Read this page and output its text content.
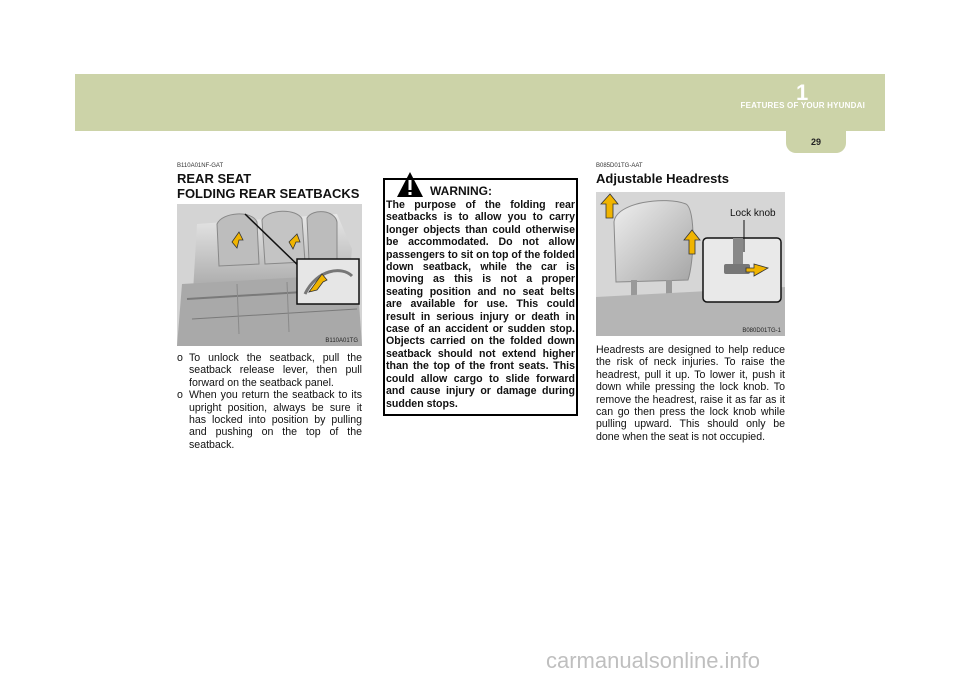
FEATURES OF YOUR HYUNDAI
1
29
B110A01NF-GAT
REAR SEAT
FOLDING REAR SEATBACKS
B110A01TG
o To unlock the seatback, pull the seatback release lever, then pull forward on the seatback panel.
o When you return the seatback to its upright position, always be sure it has locked into position by pulling and pushing on the top of the seatback.
WARNING:
The purpose of the folding rear seatbacks is to allow you to carry longer objects than could otherwise be accommodated. Do not allow passengers to sit on top of the folded down seatback, while the car is moving as this is not a proper seating position and no seat belts are available for use. This could result in serious injury or death in case of an accident or sudden stop. Objects carried on the folded down seatback should not extend higher than the top of the front seats. This could allow cargo to slide forward and cause injury or damage during sudden stops.
B085D01TG-AAT
Adjustable Headrests
Lock knob
B080D01TG-1
Headrests are designed to help reduce the risk of neck injuries. To raise the headrest, pull it up. To lower it, push it down while pressing the lock knob. To remove the headrest, raise it as far as it can go then press the lock knob while pulling upward. This should only be done when the seat is not occupied.
carmanualsonline.info
